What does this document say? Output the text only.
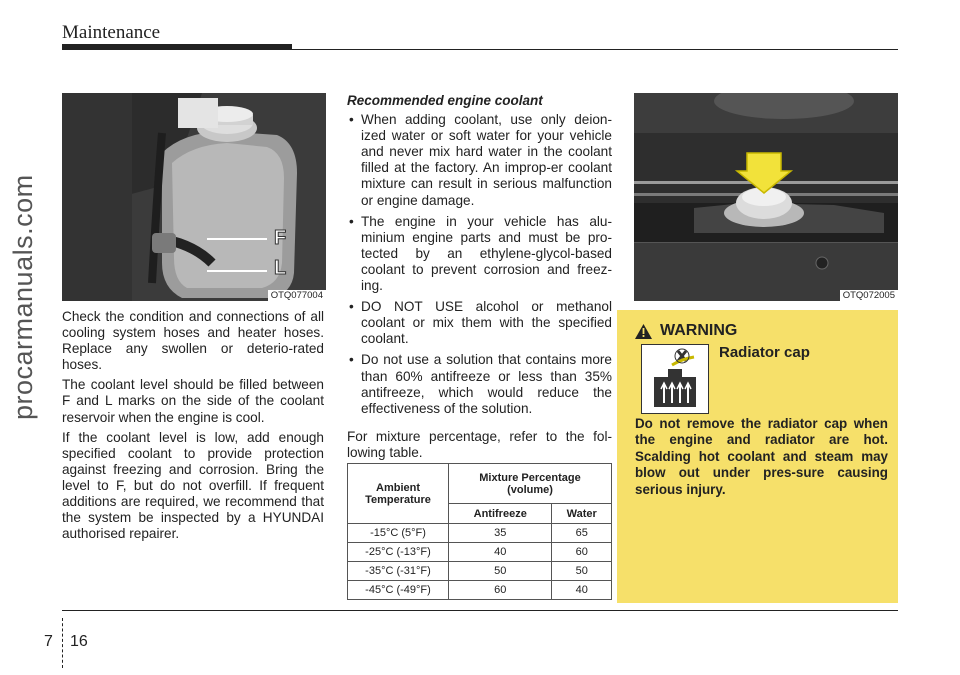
Maintenance
procarmanuals.com	F
L
OTQ077004

Check the condition and connections of all cooling system hoses and heater hoses. Replace any swollen or deterio-rated hoses.

The coolant level should be filled between F and L marks on the side of the coolant reservoir when the engine is cool.

If the coolant level is low, add enough specified coolant to provide protection against freezing and corrosion. Bring the level to F, but do not overfill. If frequent additions are required, we recommend that the system be inspected by a HYUNDAI authorised repairer.

Recommended engine coolant
• When adding coolant, use only deion-ized water or soft water for your vehicle and never mix hard water in the coolant filled at the factory. An improp-er coolant mixture can result in serious malfunction or engine damage.
• The engine in your vehicle has alu-minium engine parts and must be pro-tected by an ethylene-glycol-based coolant to prevent corrosion and freez-ing.
• DO NOT USE alcohol or methanol coolant or mix them with the specified coolant.
• Do not use a solution that contains more than 60% antifreeze or less than 35% antifreeze, which would reduce the effectiveness of the solution.

For mixture percentage, refer to the fol-lowing table.

Ambient Temperature	Mixture Percentage (volume)	
	Antifreeze	Water
-15°C (5°F)	35	65
-25°C (-13°F)	40	60
-35°C (-31°F)	50	50
-45°C (-49°F)	60	40
OTQ072005
WARNING
Radiator cap
Do not remove the radiator cap when the engine and radiator are hot. Scalding hot coolant and steam may blow out under pres-sure causing serious injury.
7 16
